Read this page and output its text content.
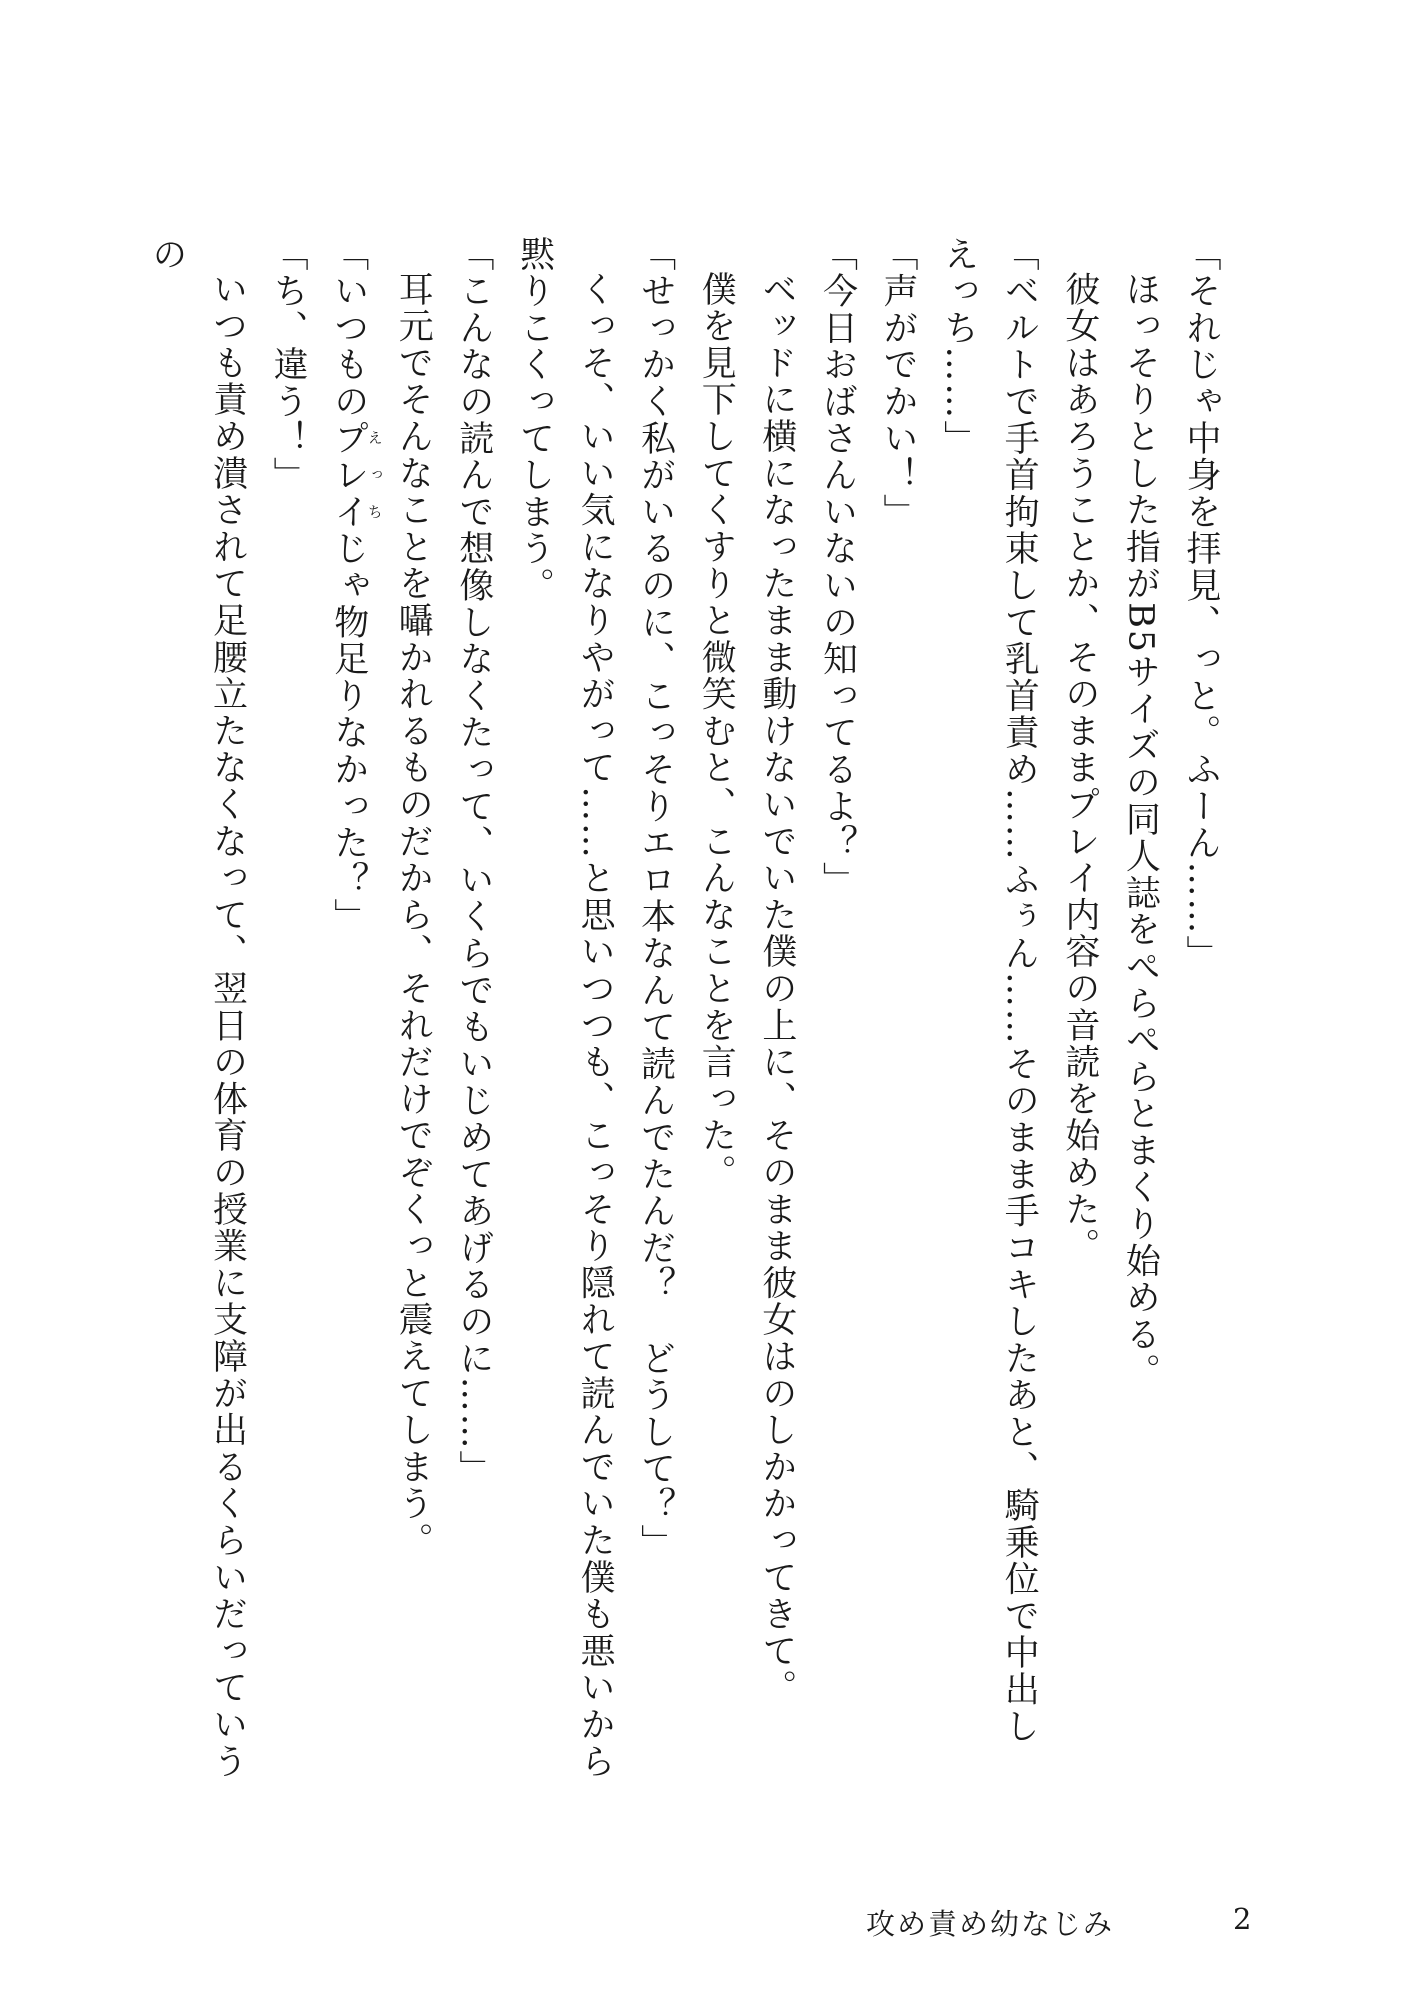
「それじゃ中身を拝見、っと。ふーん……」

ほっそりとした指がB5サイズの同人誌をぺらぺらとまくり始める。

彼女はあろうことか、そのままプレイ内容の音読を始めた。

「ベルトで手首拘束して乳首責め……ふぅん……そのまま手コキしたあと、騎乗位で中出しえっち……」

「声がでかい！」

「今日おばさんいないの知ってるよ？」

ベッドに横になったまま動けないでいた僕の上に、そのまま彼女はのしかかってきて。

僕を見下してくすりと微笑むと、こんなことを言った。

「せっかく私がいるのに、こっそりエロ本なんて読んでたんだ？　どうして？」

くっそ、いい気になりやがって……と思いつつも、こっそり隠れて読んでいた僕も悪いから黙りこくってしまう。

「こんなの読んで想像しなくたって、いくらでもいじめてあげるのに……」

耳元でそんなことを囁かれるものだから、それだけでぞくっと震えてしまう。

「いつものプレイえっちじゃ物足りなかった？」

「ち、違う！」

いつも責め潰されて足腰立たなくなって、翌日の体育の授業に支障が出るくらいだっていうの

攻め責め幼なじみ	2
